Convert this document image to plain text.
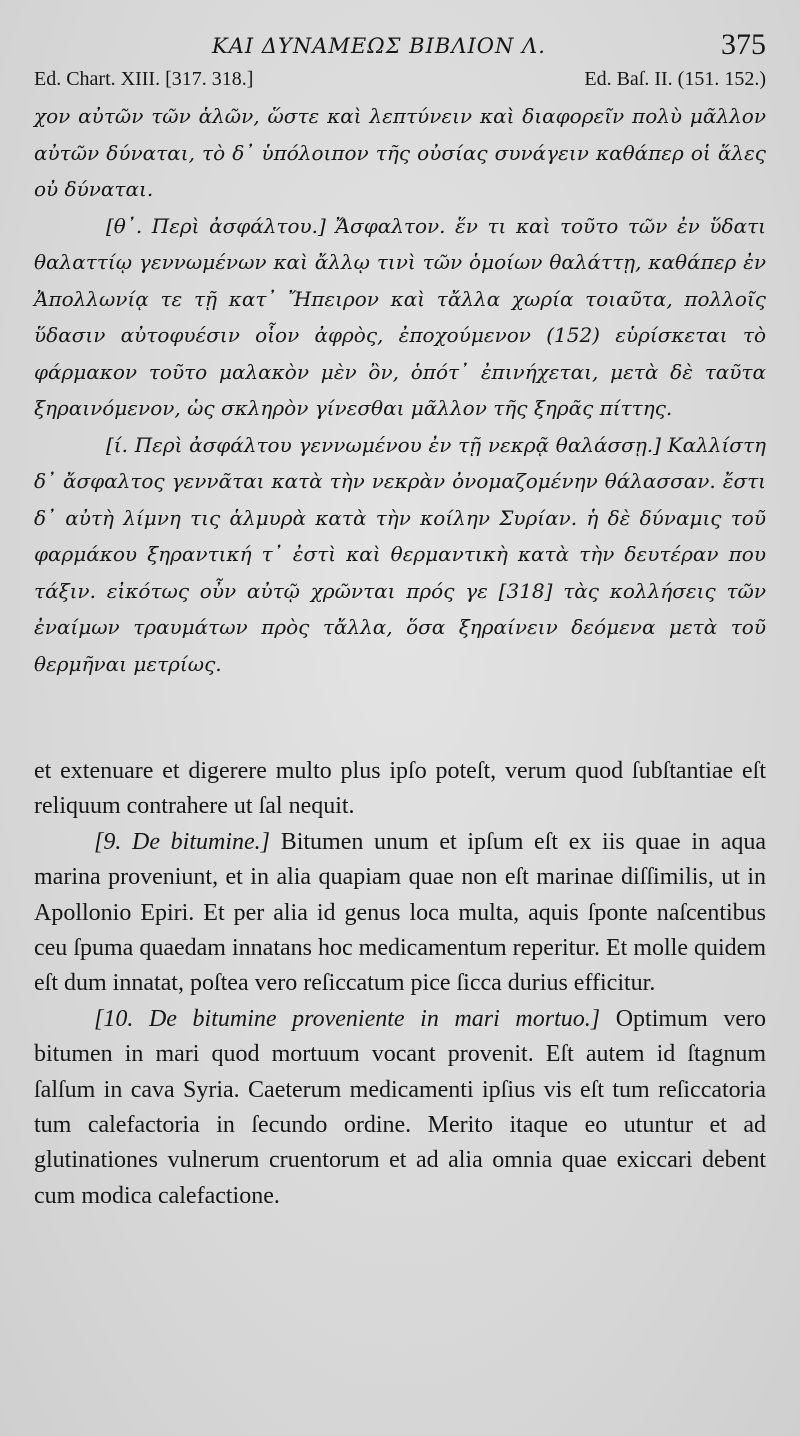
ΚΑΙ ΔΥΝΑΜΕΩΣ ΒΙΒΛΙΟΝ Λ.	375
Ed. Chart. XIII. [317. 318.]	Ed. Baſ. II. (151. 152.)

χον αὐτῶν τῶν ἁλῶν, ὥστε καὶ λεπτύνειν καὶ διαφορεῖν πολὺ μᾶλλον αὐτῶν δύναται, τὸ δ᾽ ὑπόλοιπον τῆς οὐσίας συνάγειν καθάπερ οἱ ἅλες οὐ δύναται.

[θ᾽. Περὶ ἀσφάλτου.] Ἄσφαλτον. ἕν τι καὶ τοῦτο τῶν ἐν ὕδατι θαλαττίῳ γεννωμένων καὶ ἄλλῳ τινὶ τῶν ὁμοίων θαλάττῃ, καθάπερ ἐν Ἀπολλωνίᾳ τε τῇ κατ᾽ Ἤπειρον καὶ τἄλλα χωρία τοιαῦτα, πολλοῖς ὕδασιν αὐτοφυέσιν οἷον ἀφρὸς, ἐποχούμενον (152) εὑρίσκεται τὸ φάρμακον τοῦτο μαλακὸν μὲν ὂν, ὁπότ᾽ ἐπινήχεται, μετὰ δὲ ταῦτα ξηραινόμενον, ὡς σκληρὸν γίνεσθαι μᾶλλον τῆς ξηρᾶς πίττης.

[ί. Περὶ ἀσφάλτου γεννωμένου ἐν τῇ νεκρᾷ θαλάσσῃ.] Καλλίστη δ᾽ ἄσφαλτος γεννᾶται κατὰ τὴν νεκρὰν ὀνομαζομένην θάλασσαν. ἔστι δ᾽ αὐτὴ λίμνη τις ἁλμυρὰ κατὰ τὴν κοίλην Συρίαν. ἡ δὲ δύναμις τοῦ φαρμάκου ξηραντική τ᾽ ἐστὶ καὶ θερμαντικὴ κατὰ τὴν δευτέραν που τάξιν. εἰκότως οὖν αὐτῷ χρῶνται πρός γε [318] τὰς κολλήσεις τῶν ἐναίμων τραυμάτων πρὸς τἄλλα, ὅσα ξηραίνειν δεόμενα μετὰ τοῦ θερμῆναι μετρίως.

et extenuare et digerere multo plus ipſo poteſt, verum quod ſubſtantiae eſt reliquum contrahere ut ſal nequit.

[9. De bitumine.] Bitumen unum et ipſum eſt ex iis quae in aqua marina proveniunt, et in alia quapiam quae non eſt marinae diſſimilis, ut in Apollonio Epiri. Et per alia id genus loca multa, aquis ſponte naſcentibus ceu ſpuma quaedam innatans hoc medicamentum reperitur. Et molle quidem eſt dum innatat, poſtea vero reſiccatum pice ſicca durius efficitur.

[10. De bitumine proveniente in mari mortuo.] Optimum vero bitumen in mari quod mortuum vocant provenit. Eſt autem id ſtagnum ſalſum in cava Syria. Caeterum medicamenti ipſius vis eſt tum reſiccatoria tum calefactoria in ſecundo ordine. Merito itaque eo utuntur et ad glutinationes vulnerum cruentorum et ad alia omnia quae exiccari debent cum modica calefactione.
